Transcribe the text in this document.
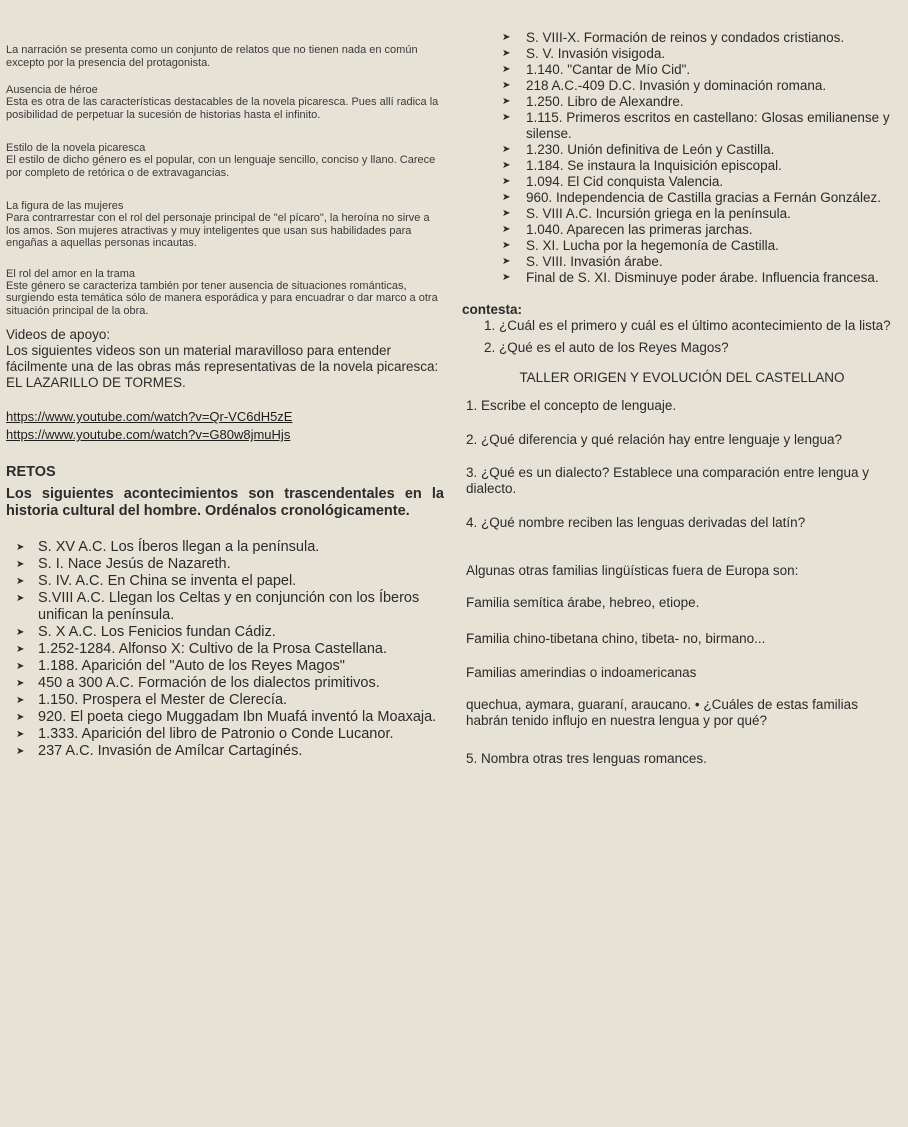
La narración se presenta como un conjunto de relatos que no tienen nada en común excepto por la presencia del protagonista.

Ausencia de héroe

Esta es otra de las características destacables de la novela picaresca. Pues allí radica la posibilidad de perpetuar la sucesión de historias hasta el infinito.

Estilo de la novela picaresca

El estilo de dicho género es el popular, con un lenguaje sencillo, conciso y llano. Carece por completo de retórica o de extravagancias.

La figura de las mujeres

Para contrarrestar con el rol del personaje principal de "el pícaro", la heroína no sirve a los amos. Son mujeres atractivas y muy inteligentes que usan sus habilidades para engañas a aquellas personas incautas.

El rol del amor en la trama

Este género se caracteriza también por tener ausencia de situaciones románticas, surgiendo esta temática sólo de manera esporádica y para encuadrar o dar marco a otra situación principal de la obra.

Videos de apoyo:

Los siguientes videos son un material maravilloso para entender fácilmente una de las obras más representativas de la novela picaresca: EL LAZARILLO DE TORMES.

https://www.youtube.com/watch?v=Qr-VC6dH5zE

https://www.youtube.com/watch?v=G80w8jmuHjs

RETOS

Los siguientes acontecimientos son trascendentales en la historia cultural del hombre. Ordénalos cronológicamente.

➤ S. XV A.C. Los Íberos llegan a la península.
➤ S. I. Nace Jesús de Nazareth.
➤ S. IV. A.C. En China se inventa el papel.
➤ S.VIII A.C. Llegan los Celtas y en conjunción con los Íberos unifican la península.
➤ S. X A.C. Los Fenicios fundan Cádiz.
➤ 1.252-1284. Alfonso X: Cultivo de la Prosa Castellana.
➤ 1.188. Aparición del "Auto de los Reyes Magos"
➤ 450 a 300 A.C. Formación de los dialectos primitivos.
➤ 1.150. Prospera el Mester de Clerecía.
➤ 920. El poeta ciego Muggadam Ibn Muafá inventó la Moaxaja.
➤ 1.333. Aparición del libro de Patronio o Conde Lucanor.
➤ 237 A.C. Invasión de Amílcar Cartaginés.
➤ S. VIII-X. Formación de reinos y condados cristianos.
➤ S. V. Invasión visigoda.
➤ 1.140. "Cantar de Mío Cid".
➤ 218 A.C.-409 D.C. Invasión y dominación romana.
➤ 1.250. Libro de Alexandre.
➤ 1.115. Primeros escritos en castellano: Glosas emilianense y silense.
➤ 1.230. Unión definitiva de León y Castilla.
➤ 1.184. Se instaura la Inquisición episcopal.
➤ 1.094. El Cid conquista Valencia.
➤ 960. Independencia de Castilla gracias a Fernán González.
➤ S. VIII A.C. Incursión griega en la península.
➤ 1.040. Aparecen las primeras jarchas.
➤ S. XI. Lucha por la hegemonía de Castilla.
➤ S. VIII. Invasión árabe.
➤ Final de S. XI. Disminuye poder árabe. Influencia francesa.

contesta:

1. ¿Cuál es el primero y cuál es el último acontecimiento de la lista?

2. ¿Qué es el auto de los Reyes Magos?

TALLER ORIGEN Y EVOLUCIÓN DEL CASTELLANO

1. Escribe el concepto de lenguaje.

2. ¿Qué diferencia y qué relación hay entre lenguaje y lengua?

3. ¿Qué es un dialecto? Establece una comparación entre lengua y dialecto.

4. ¿Qué nombre reciben las lenguas derivadas del latín?

Algunas otras familias lingüísticas fuera de Europa son:

Familia semítica árabe, hebreo, etiope.

Familia chino-tibetana chino, tibeta- no, birmano...

Familias amerindias o indoamericanas

quechua, aymara, guaraní, araucano. • ¿Cuáles de estas familias habrán tenido influjo en nuestra lengua y por qué?

5. Nombra otras tres lenguas romances.
